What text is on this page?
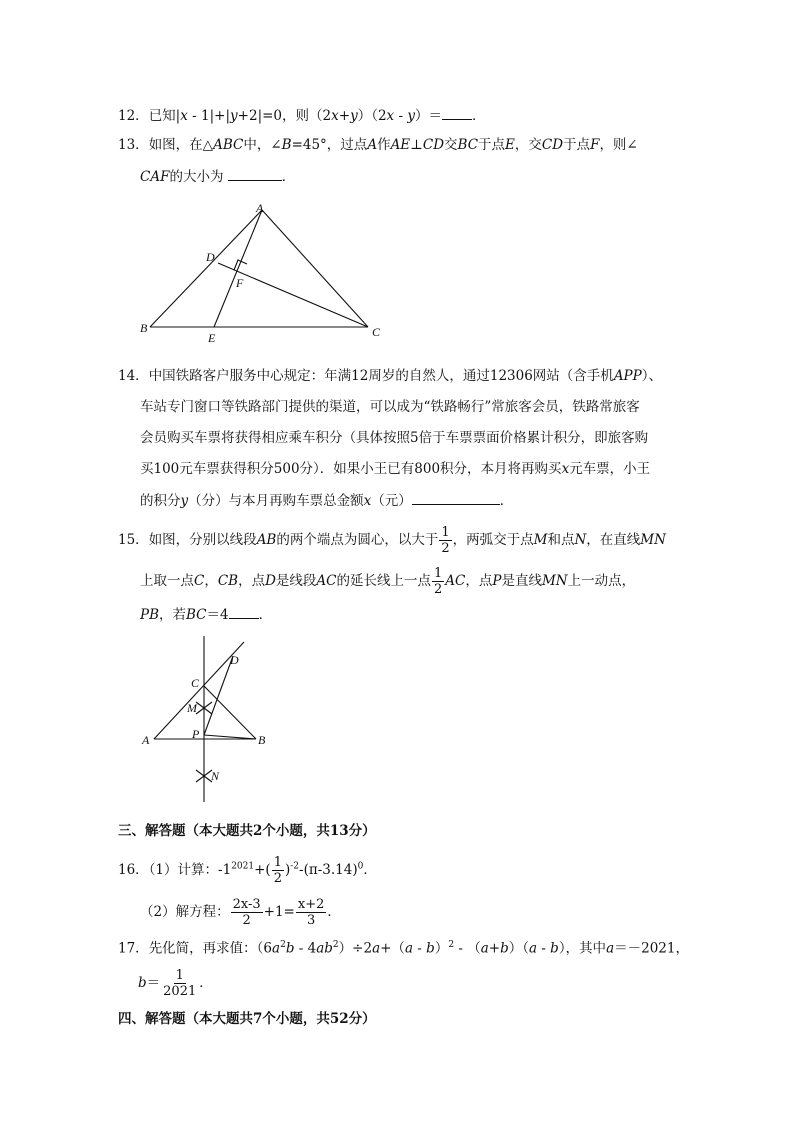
12．已知|x - 1|+|y+2|=0，则（2x+y）（2x - y）＝ ．
13．如图，在△ABC中，∠B=45°，过点A作AE⊥CD交BC于点E，交CD于点F，则∠
CAF的大小为	．
A
B	C
D
E
F
14．中国铁路客户服务中心规定：年满12周岁的自然人，通过12306网站（含手机APP）、
车站专门窗口等铁路部门提供的渠道，可以成为“铁路畅行”常旅客会员，铁路常旅客
会员购买车票将获得相应乘车积分（具体按照5倍于车票票面价格累计积分，即旅客购
买100元车票获得积分500分）．如果小王已有800积分，本月将再购买x元车票，小王
的积分y（分）与本月再购车票总金额x（元）	．
15．如图，分别以线段AB的两个端点为圆心，以大于 $\frac{1}{2}$ ，两弧交于点M和点N，在直线MN
上取一点C，CB，点D是线段AC的延长线上一点 $\frac{1}{2}$ AC，点P是直线MN上一动点，
PB，若BC＝4 ．
A	B
C
D
M
N
P
三、解答题（本大题共2个小题，共13分）
16．（1）计算：$-1^{2021}+( \frac{1}{2} )^{-2}-(\pi-3.14)^0$．
（2）解方程： $\frac{2x-3}{2} +1= \frac{x+2}{3}$ ．
17．先化简，再求值：$(6a^2b - 4ab^2)\div 2a+(a - b)^2 - (a+b)(a - b)$，其中a＝－2021，
$b= \frac{1}{2021}$ ．
四、解答题（本大题共7个小题，共52分）
